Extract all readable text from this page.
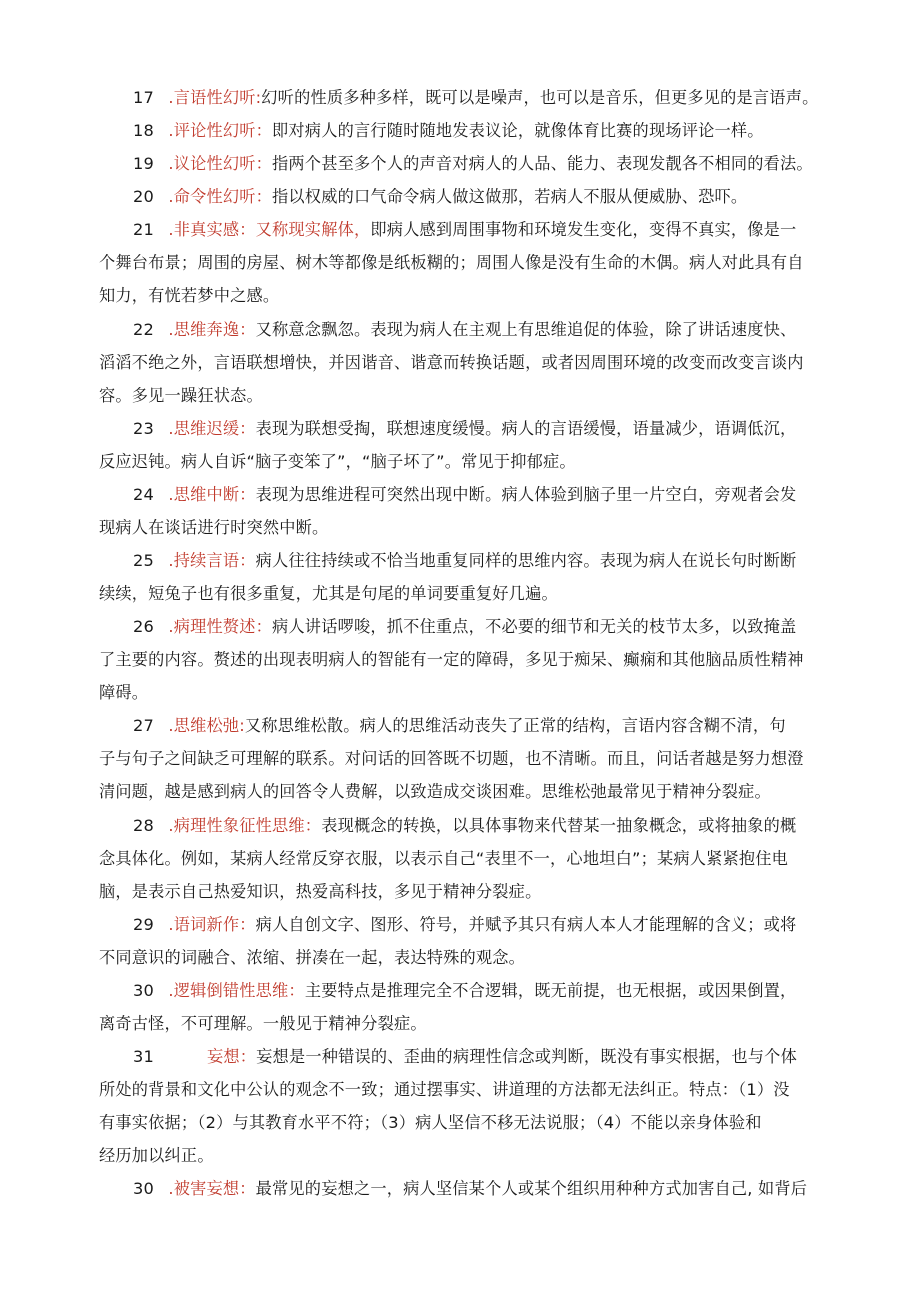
17 .言语性幻听:幻听的性质多种多样，既可以是噪声，也可以是音乐，但更多见的是言语声。
18 .评论性幻听：即对病人的言行随时随地发表议论，就像体育比赛的现场评论一样。
19 .议论性幻听：指两个甚至多个人的声音对病人的人品、能力、表现发靓各不相同的看法。
20 .命令性幻听：指以权威的口气命令病人做这做那，若病人不服从便威胁、恐吓。
21 .非真实感：又称现实解体，即病人感到周围事物和环境发生变化，变得不真实，像是一
个舞台布景；周围的房屋、树木等都像是纸板糊的；周围人像是没有生命的木偶。病人对此具有自
知力，有恍若梦中之感。
22 .思维奔逸：又称意念飘忽。表现为病人在主观上有思维追促的体验，除了讲话速度快、
滔滔不绝之外，言语联想增快，并因谐音、谐意而转换话题，或者因周围环境的改变而改变言谈内
容。多见一躁狂状态。
23 .思维迟缓：表现为联想受掏，联想速度缓慢。病人的言语缓慢，语量减少，语调低沉，
反应迟钝。病人自诉“脑子变笨了”，“脑子坏了”。常见于抑郁症。
24 .思维中断：表现为思维进程可突然出现中断。病人体验到脑子里一片空白，旁观者会发
现病人在谈话进行时突然中断。
25 .持续言语：病人往往持续或不恰当地重复同样的思维内容。表现为病人在说长句时断断
续续，短兔子也有很多重复，尤其是句尾的单词要重复好几遍。
26 .病理性赘述：病人讲话啰唆，抓不住重点，不必要的细节和无关的枝节太多，以致掩盖
了主要的内容。赘述的出现表明病人的智能有一定的障碍，多见于痴呆、癫痫和其他脑品质性精神
障碍。
27 .思维松弛:又称思维松散。病人的思维活动丧失了正常的结构，言语内容含糊不清，句
子与句子之间缺乏可理解的联系。对问话的回答既不切题，也不清晰。而且，问话者越是努力想澄
清问题，越是感到病人的回答令人费解，以致造成交谈困难。思维松弛最常见于精神分裂症。
28 .病理性象征性思维：表现概念的转换，以具体事物来代替某一抽象概念，或将抽象的概
念具体化。例如，某病人经常反穿衣服，以表示自己“表里不一，心地坦白”；某病人紧紧抱住电
脑，是表示自己热爱知识，热爱高科技，多见于精神分裂症。
29 .语词新作：病人自创文字、图形、符号，并赋予其只有病人本人才能理解的含义；或将
不同意识的词融合、浓缩、拼凑在一起，表达特殊的观念。
30 .逻辑倒错性思维：主要特点是推理完全不合逻辑，既无前提，也无根据，或因果倒置，
离奇古怪，不可理解。一般见于精神分裂症。
31	妄想：妄想是一种错误的、歪曲的病理性信念或判断，既没有事实根据，也与个体
所处的背景和文化中公认的观念不一致；通过摆事实、讲道理的方法都无法纠正。特点：（1）没
有事实依据；（2）与其教育水平不符；（3）病人坚信不移无法说服；（4）不能以亲身体验和
经历加以纠正。
30 .被害妄想：最常见的妄想之一，病人坚信某个人或某个组织用种种方式加害自己, 如背后
